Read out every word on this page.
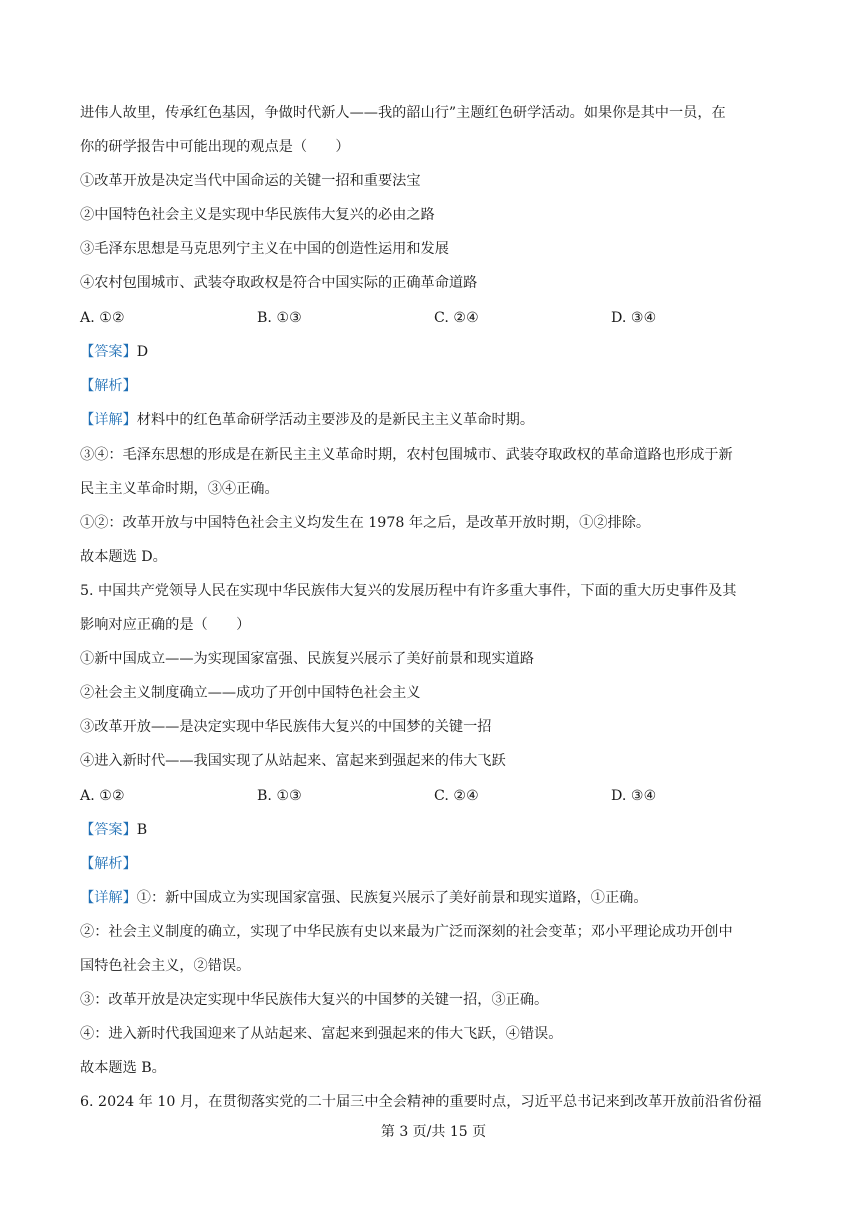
进伟人故里，传承红色基因，争做时代新人——我的韶山行”主题红色研学活动。如果你是其中一员，在
你的研学报告中可能出现的观点是（　　）
①改革开放是决定当代中国命运的关键一招和重要法宝
②中国特色社会主义是实现中华民族伟大复兴的必由之路
③毛泽东思想是马克思列宁主义在中国的创造性运用和发展
④农村包围城市、武装夺取政权是符合中国实际的正确革命道路
A. ①②	B. ①③	C. ②④	D. ③④
【答案】D
【解析】
【详解】材料中的红色革命研学活动主要涉及的是新民主主义革命时期。
③④：毛泽东思想的形成是在新民主主义革命时期，农村包围城市、武装夺取政权的革命道路也形成于新
民主主义革命时期，③④正确。
①②：改革开放与中国特色社会主义均发生在 1978 年之后，是改革开放时期，①②排除。
故本题选 D。
5. 中国共产党领导人民在实现中华民族伟大复兴的发展历程中有许多重大事件，下面的重大历史事件及其
影响对应正确的是（　　）
①新中国成立——为实现国家富强、民族复兴展示了美好前景和现实道路
②社会主义制度确立——成功了开创中国特色社会主义
③改革开放——是决定实现中华民族伟大复兴的中国梦的关键一招
④进入新时代——我国实现了从站起来、富起来到强起来的伟大飞跃
A. ①②	B. ①③	C. ②④	D. ③④
【答案】B
【解析】
【详解】①：新中国成立为实现国家富强、民族复兴展示了美好前景和现实道路，①正确。
②：社会主义制度的确立，实现了中华民族有史以来最为广泛而深刻的社会变革；邓小平理论成功开创中
国特色社会主义，②错误。
③：改革开放是决定实现中华民族伟大复兴的中国梦的关键一招，③正确。
④：进入新时代我国迎来了从站起来、富起来到强起来的伟大飞跃，④错误。
故本题选 B。
6. 2024 年 10 月，在贯彻落实党的二十届三中全会精神的重要时点，习近平总书记来到改革开放前沿省份福
第 3 页/共 15 页
